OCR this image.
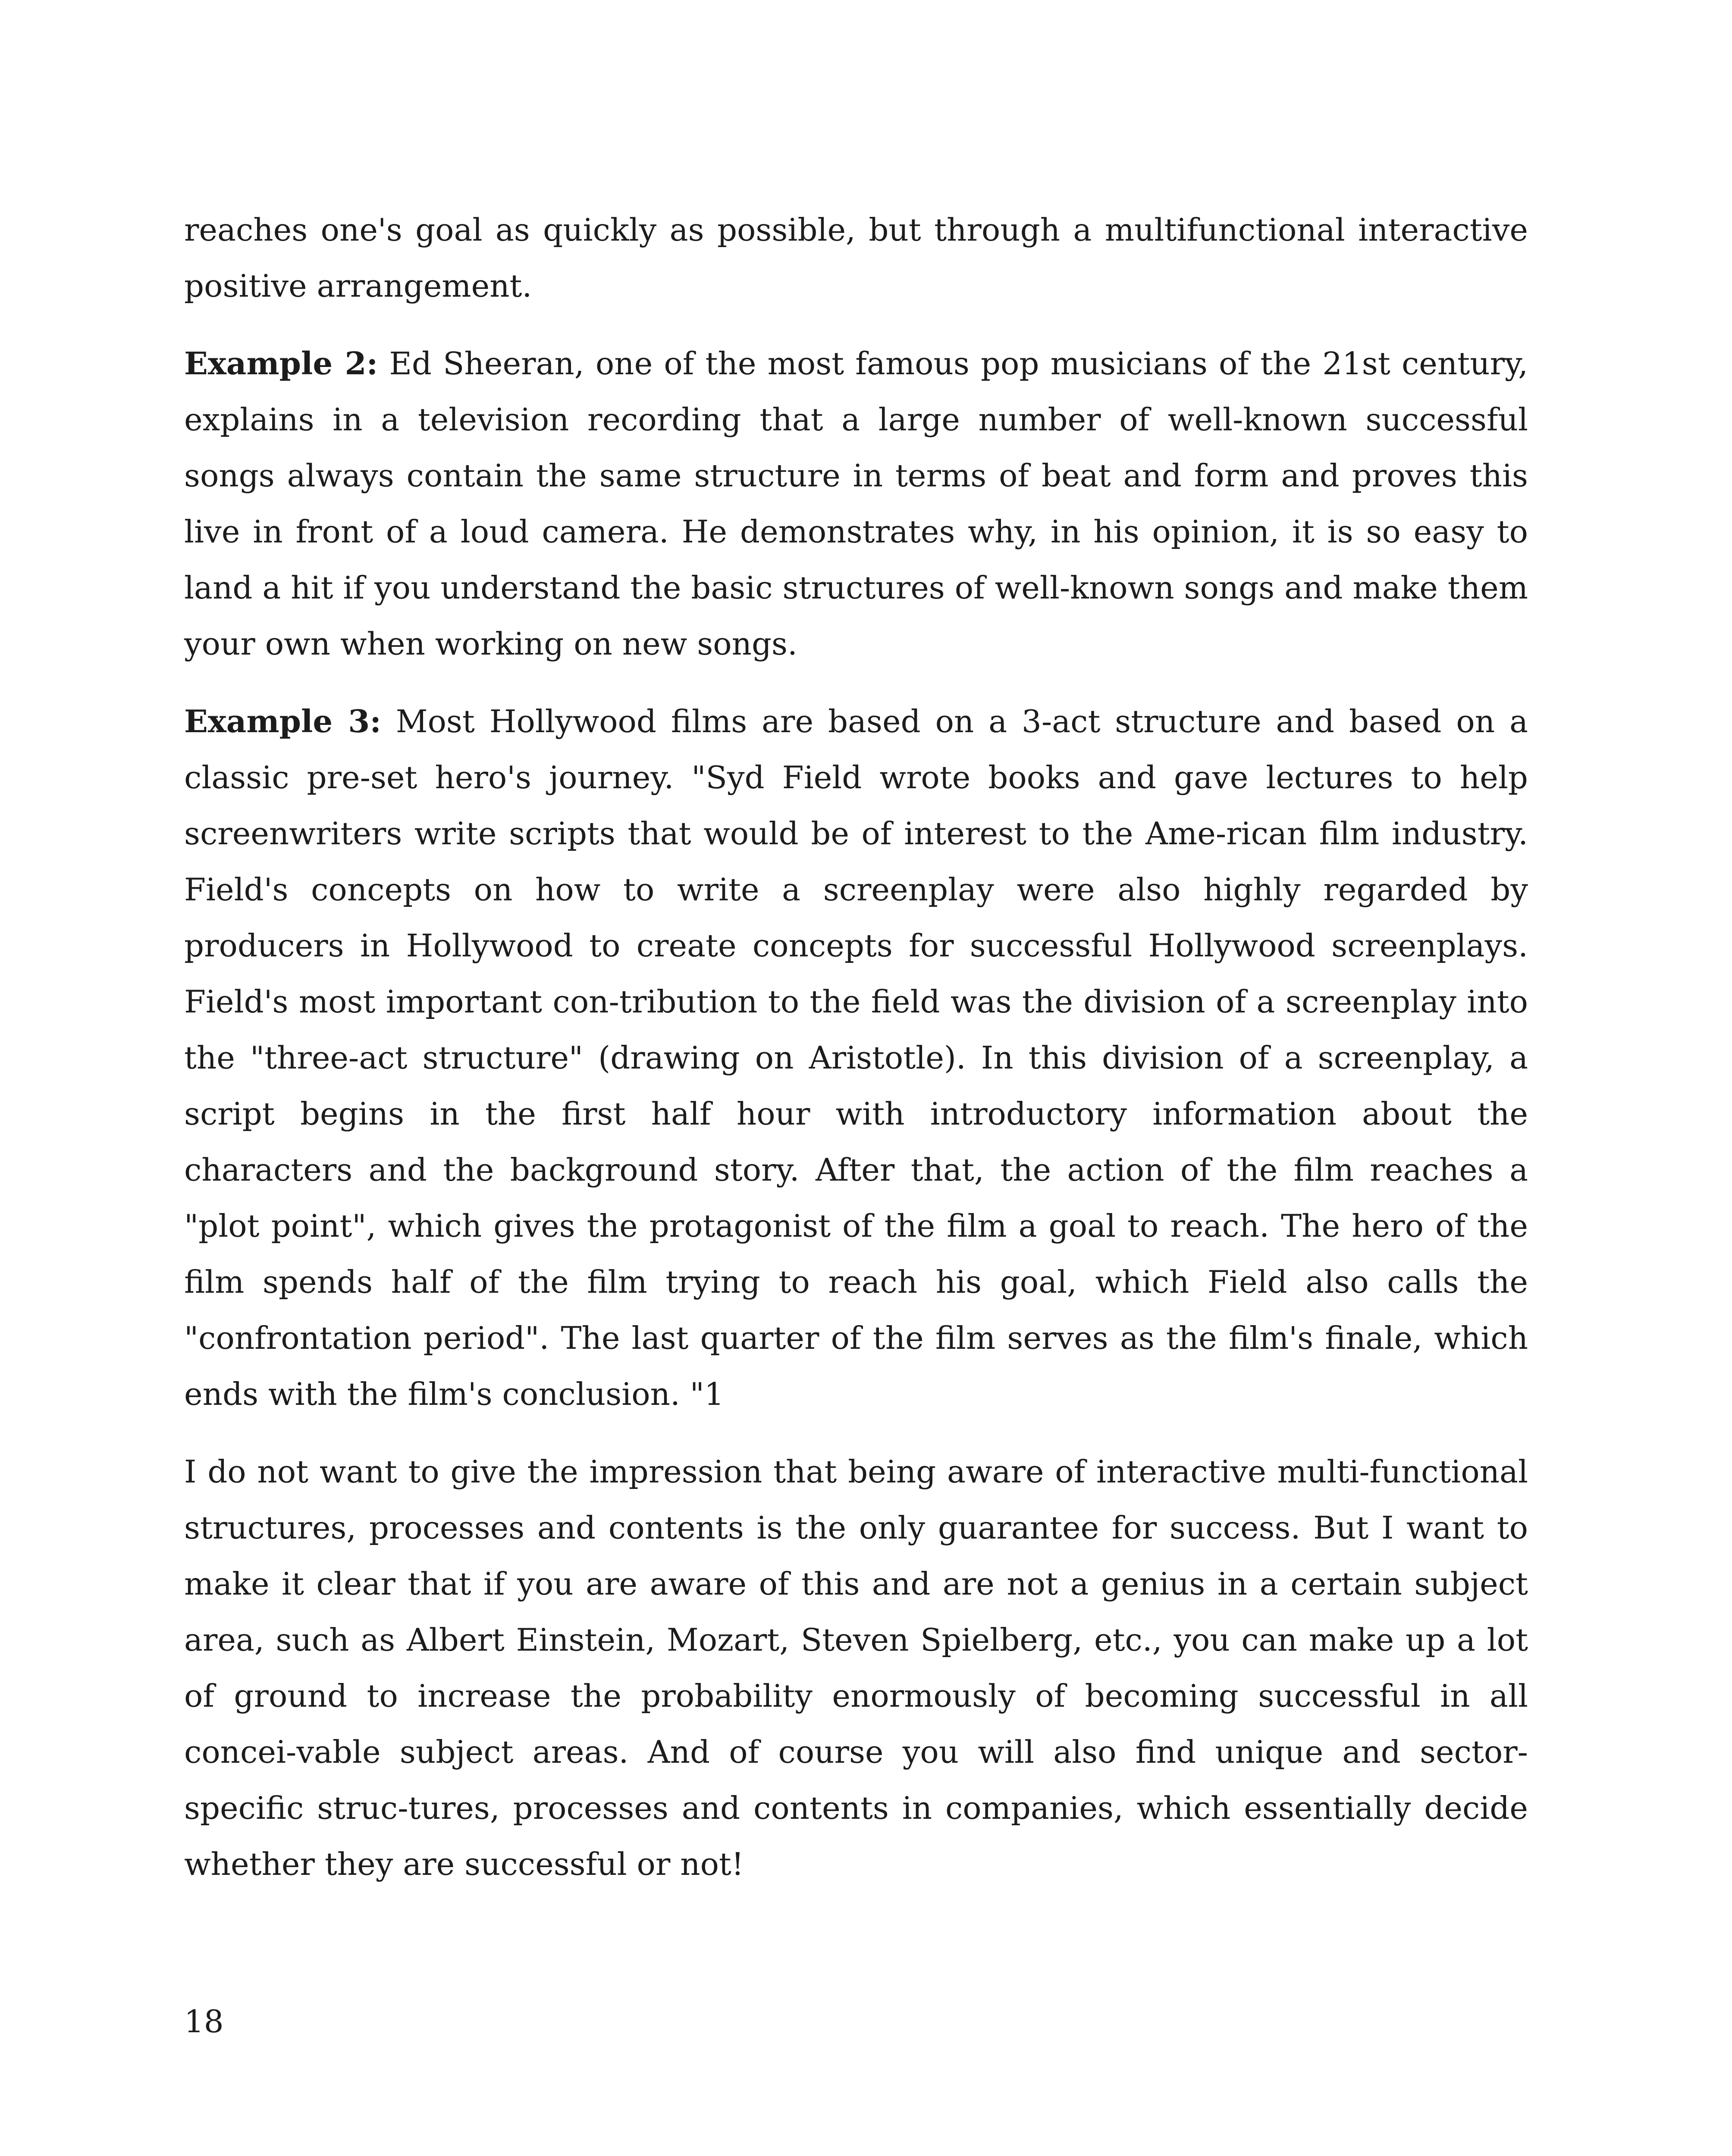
reaches one's goal as quickly as possible, but through a multifunctional interactive positive arrangement.

Example 2: Ed Sheeran, one of the most famous pop musicians of the 21st century, explains in a television recording that a large number of well-known successful songs always contain the same structure in terms of beat and form and proves this live in front of a loud camera. He demonstrates why, in his opinion, it is so easy to land a hit if you understand the basic structures of well-known songs and make them your own when working on new songs.

Example 3: Most Hollywood films are based on a 3-act structure and based on a classic pre-set hero's journey. "Syd Field wrote books and gave lectures to help screenwriters write scripts that would be of interest to the Ame-rican film industry. Field's concepts on how to write a screenplay were also highly regarded by producers in Hollywood to create concepts for successful Hollywood screenplays. Field's most important con-tribution to the field was the division of a screenplay into the "three-act structure" (drawing on Aristotle). In this division of a screenplay, a script begins in the first half hour with introductory information about the characters and the background story. After that, the action of the film reaches a "plot point", which gives the protagonist of the film a goal to reach. The hero of the film spends half of the film trying to reach his goal, which Field also calls the "confrontation period". The last quarter of the film serves as the film's finale, which ends with the film's conclusion. "1

I do not want to give the impression that being aware of interactive multi-functional structures, processes and contents is the only guarantee for success. But I want to make it clear that if you are aware of this and are not a genius in a certain subject area, such as Albert Einstein, Mozart, Steven Spielberg, etc., you can make up a lot of ground to increase the probability enormously of becoming successful in all concei-vable subject areas. And of course you will also find unique and sector-specific struc-tures, processes and contents in companies, which essentially decide whether they are successful or not!

18
